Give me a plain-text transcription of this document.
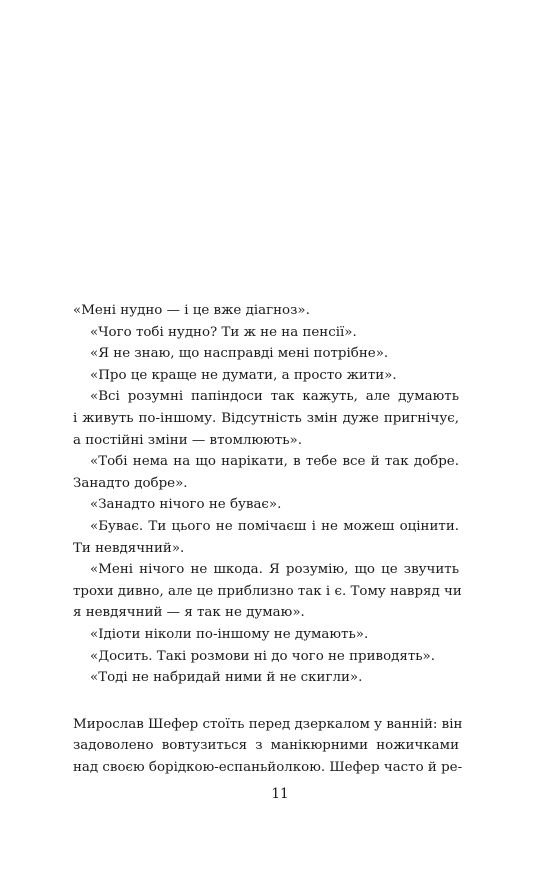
«Мені нудно — і це вже діагноз».
«Чого тобі нудно? Ти ж не на пенсії».
«Я не знаю, що насправді мені потрібне».
«Про це краще не думати, а просто жити».
«Всі розумні папіндоси так кажуть, але думають
і живуть по-іншому. Відсутність змін дуже пригнічує,
а постійні зміни — втомлюють».
«Тобі нема на що нарікати, в тебе все й так добре.
Занадто добре».
«Занадто нічого не буває».
«Буває. Ти цього не помічаєш і не можеш оцінити.
Ти невдячний».
«Мені нічого не шкода. Я розумію, що це звучить
трохи дивно, але це приблизно так і є. Тому навряд чи
я невдячний — я так не думаю».
«Ідіоти ніколи по-іншому не думають».
«Досить. Такі розмови ні до чого не приводять».
«Тоді не набридай ними й не скигли».
Мирослав Шефер стоїть перед дзеркалом у ванній: він
задоволено вовтузиться з манікюрними ножичками
над своєю борідкою-еспаньйолкою. Шефер часто й ре-
11
